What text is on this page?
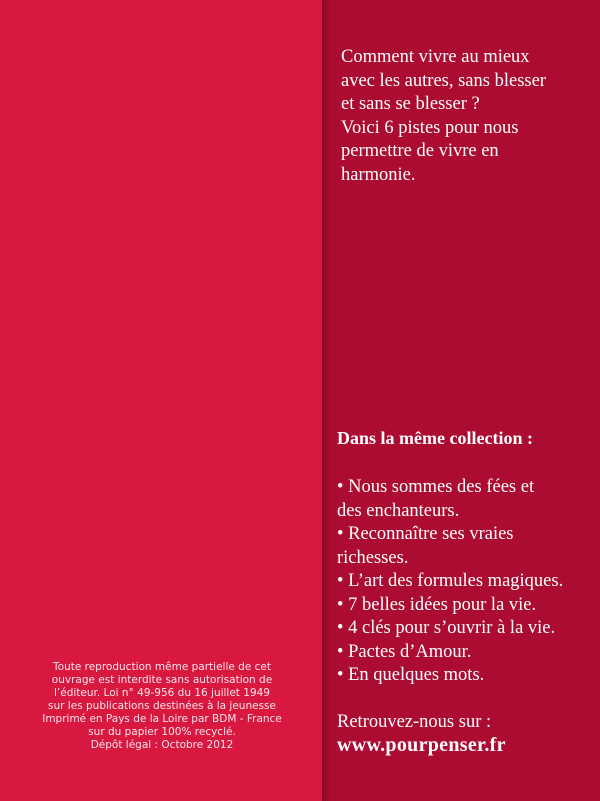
Comment vivre au mieux

avec les autres, sans blesser

et sans se blesser ?

Voici 6 pistes pour nous

permettre de vivre en

harmonie.

Dans la même collection :
• Nous sommes des fées et
des enchanteurs.
• Reconnaître ses vraies
richesses.
• L’art des formules magiques.
• 7 belles idées pour la vie.
• 4 clés pour s’ouvrir à la vie.
• Pactes d’Amour.
• En quelques mots.

Retrouvez-nous sur :

www.pourpenser.fr

Toute reproduction même partielle de cet

ouvrage est interdite sans autorisation de

l’éditeur. Loi n° 49-956 du 16 juillet 1949

sur les publications destinées à la jeunesse

Imprimé en Pays de la Loire par BDM - France

sur du papier 100% recyclé.

Dépôt légal : Octobre 2012
